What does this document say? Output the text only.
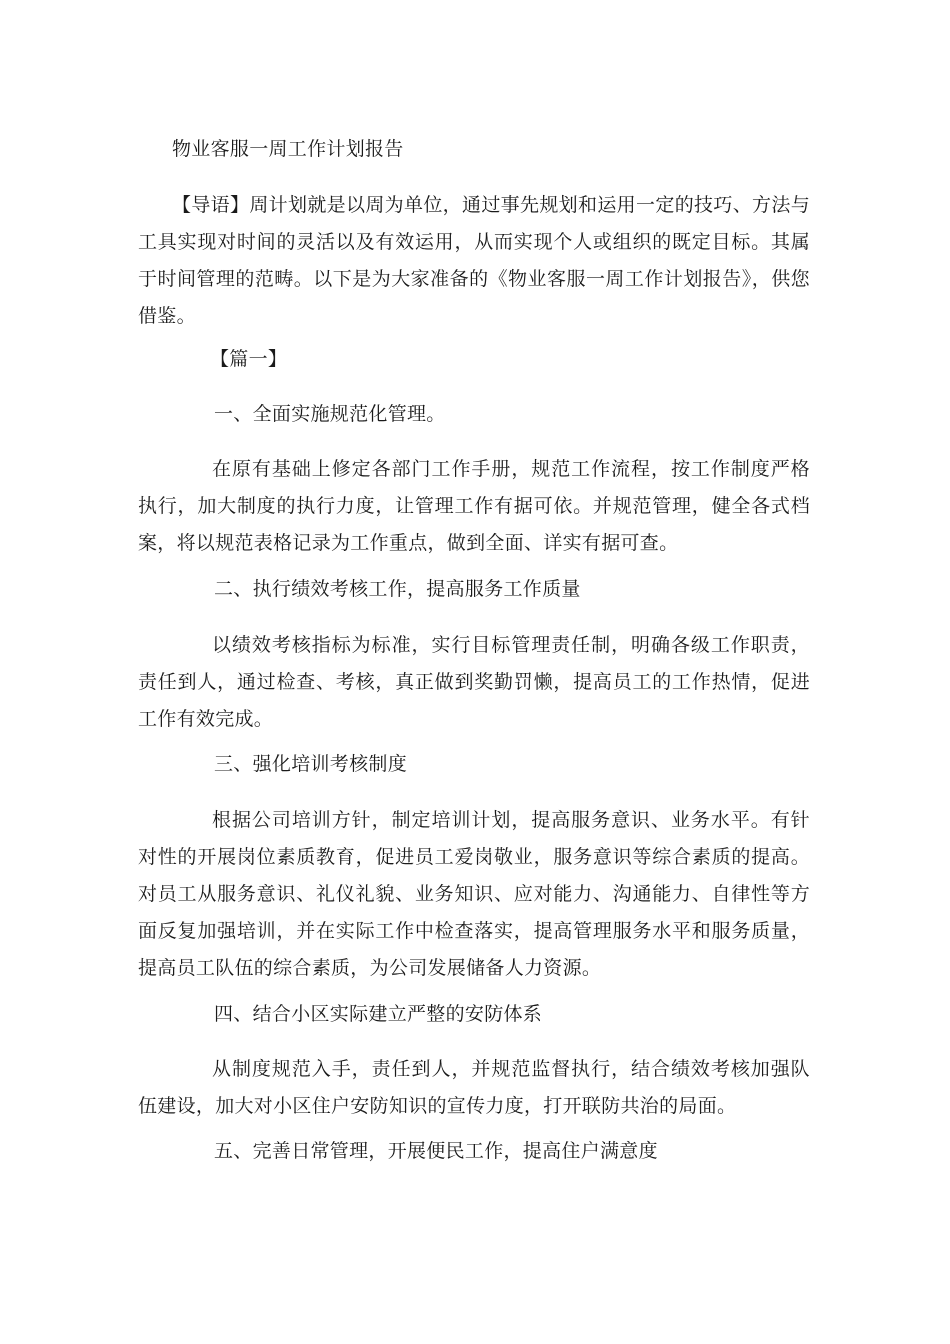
物业客服一周工作计划报告
【导语】周计划就是以周为单位，通过事先规划和运用一定的技巧、方法与工具实现对时间的灵活以及有效运用，从而实现个人或组织的既定目标。其属于时间管理的范畴。以下是为大家准备的《物业客服一周工作计划报告》，供您借鉴。
【篇一】
一、全面实施规范化管理。
在原有基础上修定各部门工作手册，规范工作流程，按工作制度严格执行，加大制度的执行力度，让管理工作有据可依。并规范管理，健全各式档案，将以规范表格记录为工作重点，做到全面、详实有据可查。
二、执行绩效考核工作，提高服务工作质量
以绩效考核指标为标准，实行目标管理责任制，明确各级工作职责，责任到人，通过检查、考核，真正做到奖勤罚懒，提高员工的工作热情，促进工作有效完成。
三、强化培训考核制度
根据公司培训方针，制定培训计划，提高服务意识、业务水平。有针对性的开展岗位素质教育，促进员工爱岗敬业，服务意识等综合素质的提高。对员工从服务意识、礼仪礼貌、业务知识、应对能力、沟通能力、自律性等方面反复加强培训，并在实际工作中检查落实，提高管理服务水平和服务质量，提高员工队伍的综合素质，为公司发展储备人力资源。
四、结合小区实际建立严整的安防体系
从制度规范入手，责任到人，并规范监督执行，结合绩效考核加强队伍建设，加大对小区住户安防知识的宣传力度，打开联防共治的局面。
五、完善日常管理，开展便民工作，提高住户满意度
